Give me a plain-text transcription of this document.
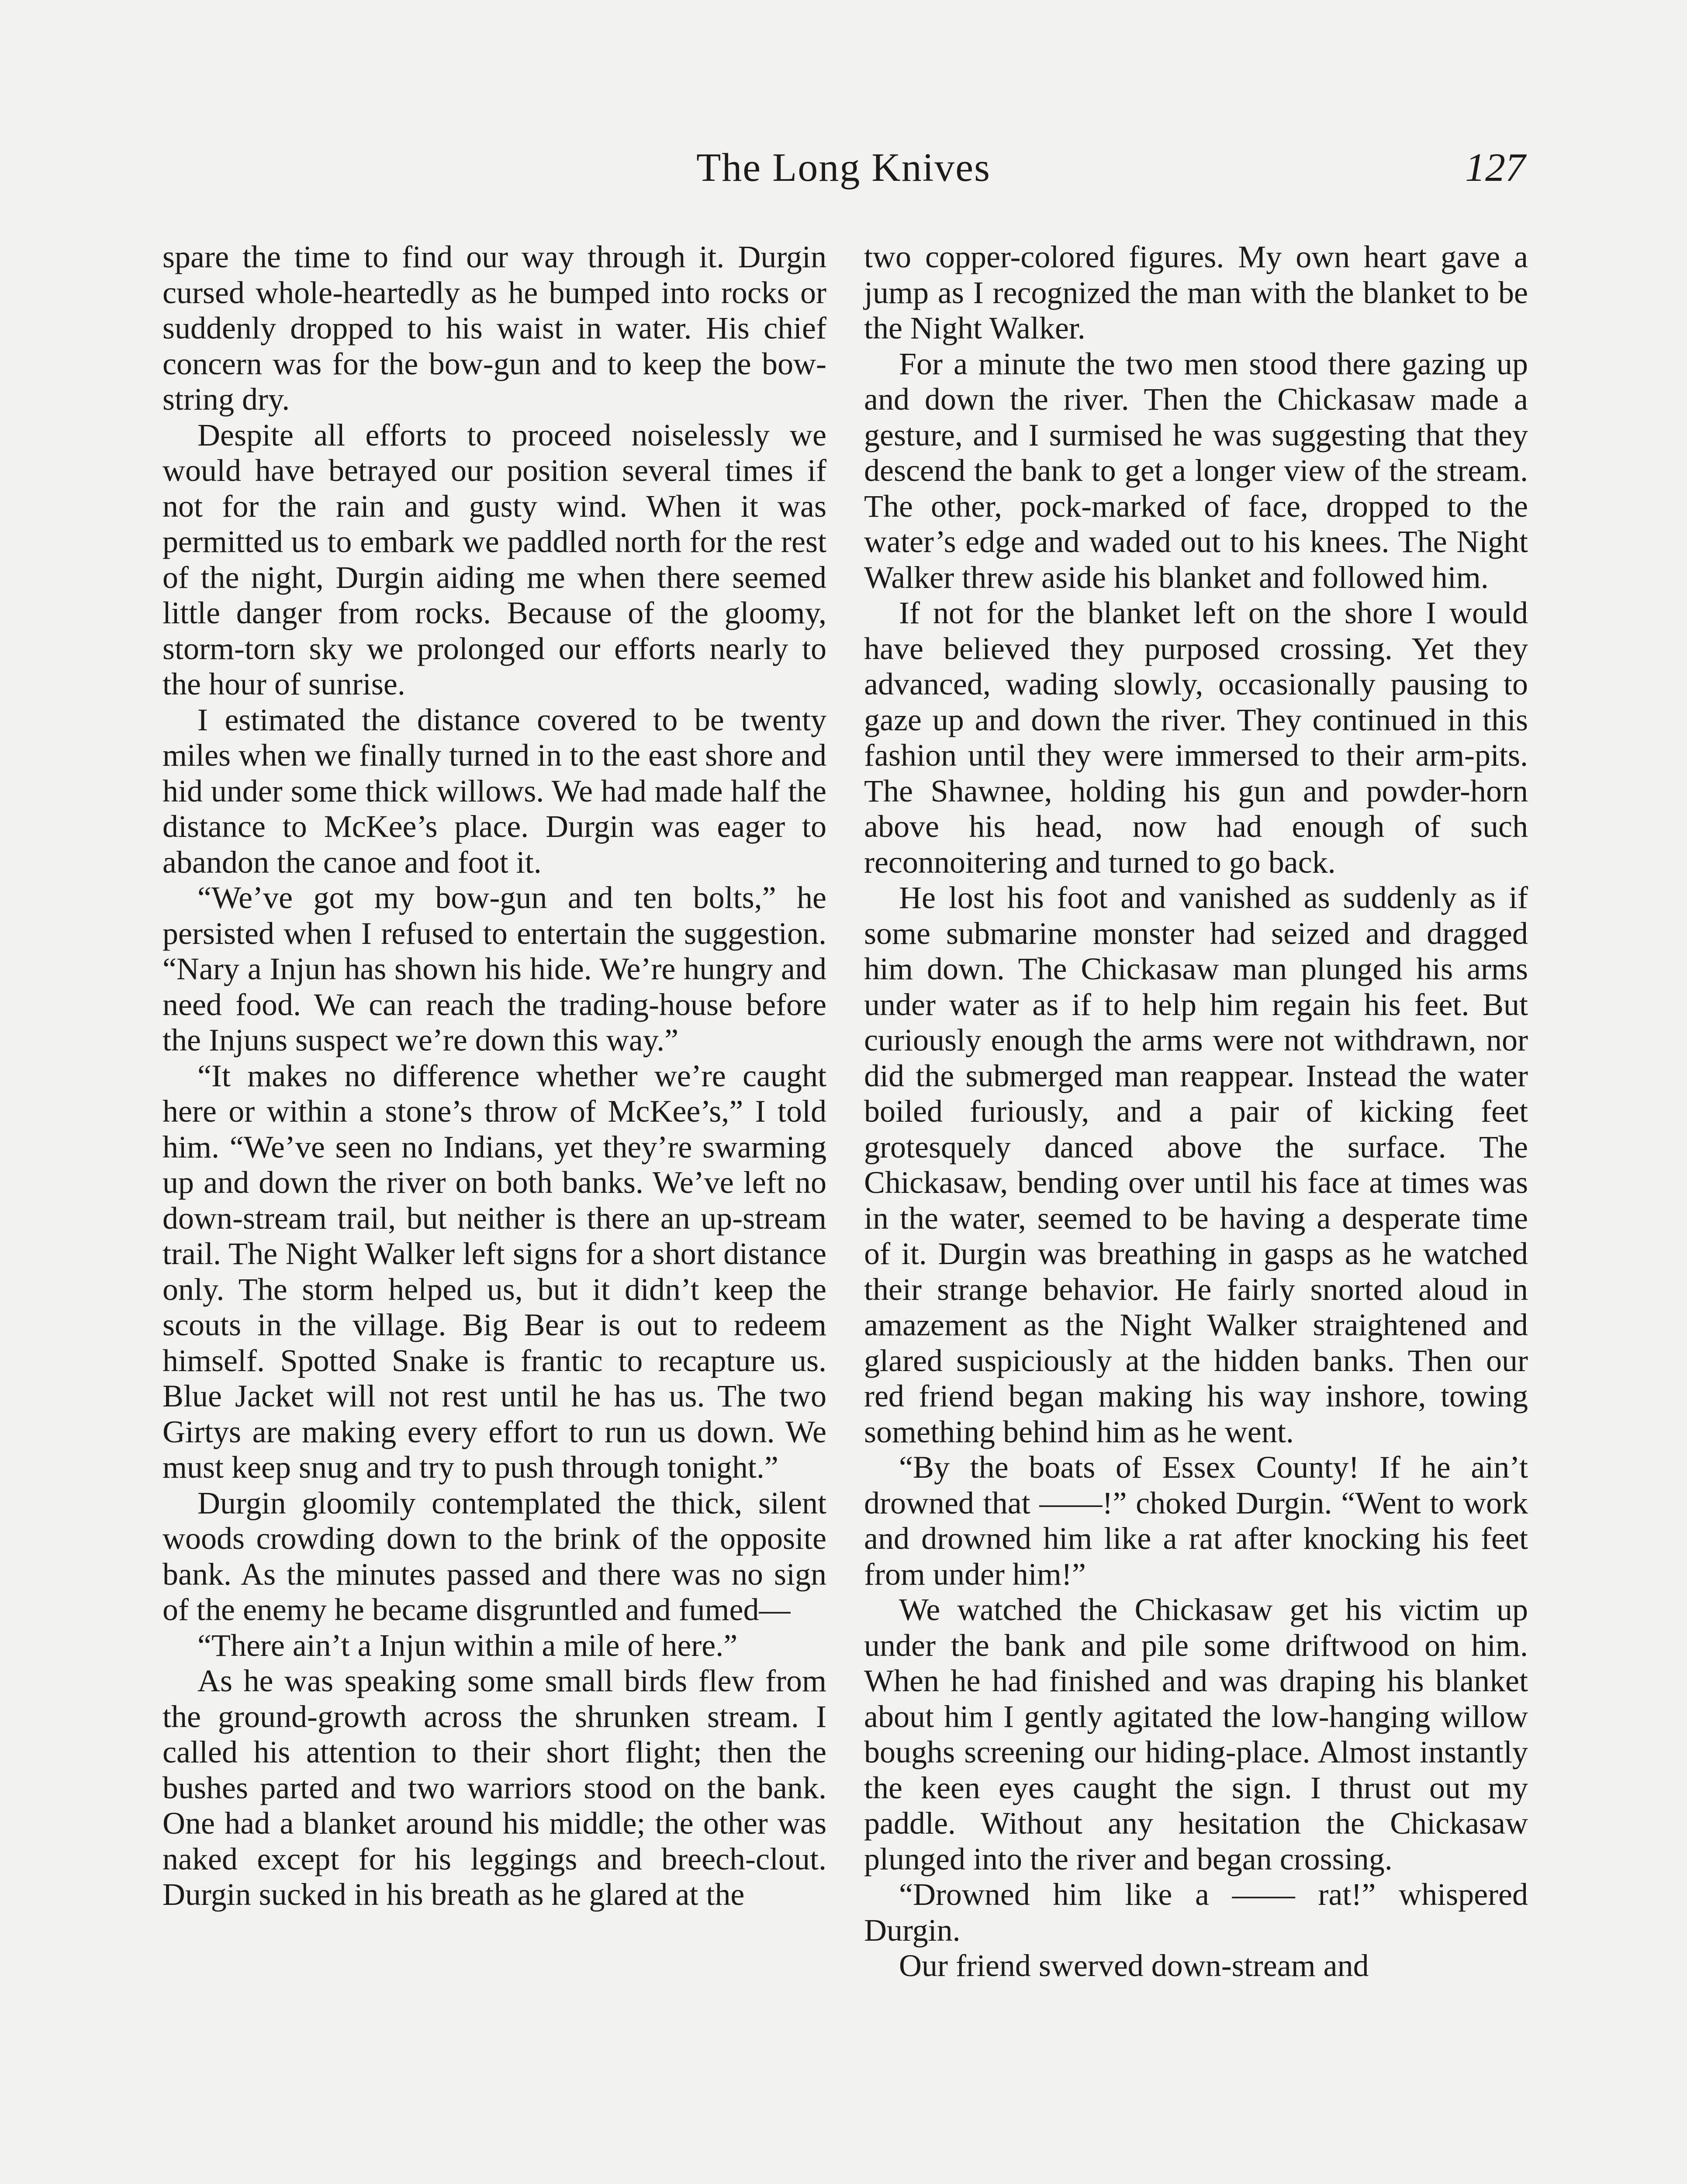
The Long Knives	127

spare the time to find our way through it. Durgin cursed whole-heartedly as he bumped into rocks or suddenly dropped to his waist in water. His chief concern was for the bow-gun and to keep the bow-string dry.

Despite all efforts to proceed noiselessly we would have betrayed our position several times if not for the rain and gusty wind. When it was permitted us to embark we paddled north for the rest of the night, Durgin aiding me when there seemed little danger from rocks. Because of the gloomy, storm-torn sky we prolonged our efforts nearly to the hour of sunrise.

I estimated the distance covered to be twenty miles when we finally turned in to the east shore and hid under some thick willows. We had made half the distance to McKee’s place. Durgin was eager to abandon the canoe and foot it.

“We’ve got my bow-gun and ten bolts,” he persisted when I refused to entertain the suggestion. “Nary a Injun has shown his hide. We’re hungry and need food. We can reach the trading-house before the Injuns suspect we’re down this way.”

“It makes no difference whether we’re caught here or within a stone’s throw of McKee’s,” I told him. “We’ve seen no Indians, yet they’re swarming up and down the river on both banks. We’ve left no down-stream trail, but neither is there an up-stream trail. The Night Walker left signs for a short distance only. The storm helped us, but it didn’t keep the scouts in the village. Big Bear is out to redeem himself. Spotted Snake is frantic to recapture us. Blue Jacket will not rest until he has us. The two Girtys are making every effort to run us down. We must keep snug and try to push through tonight.”

Durgin gloomily contemplated the thick, silent woods crowding down to the brink of the opposite bank. As the minutes passed and there was no sign of the enemy he became disgruntled and fumed—

“There ain’t a Injun within a mile of here.”

As he was speaking some small birds flew from the ground-growth across the shrunken stream. I called his attention to their short flight; then the bushes parted and two warriors stood on the bank. One had a blanket around his middle; the other was naked except for his leggings and breech-clout. Durgin sucked in his breath as he glared at the

two copper-colored figures. My own heart gave a jump as I recognized the man with the blanket to be the Night Walker.

For a minute the two men stood there gazing up and down the river. Then the Chickasaw made a gesture, and I surmised he was suggesting that they descend the bank to get a longer view of the stream. The other, pock-marked of face, dropped to the water’s edge and waded out to his knees. The Night Walker threw aside his blanket and followed him.

If not for the blanket left on the shore I would have believed they purposed crossing. Yet they advanced, wading slowly, occasionally pausing to gaze up and down the river. They continued in this fashion until they were immersed to their arm-pits. The Shawnee, holding his gun and powder-horn above his head, now had enough of such reconnoitering and turned to go back.

He lost his foot and vanished as suddenly as if some submarine monster had seized and dragged him down. The Chickasaw man plunged his arms under water as if to help him regain his feet. But curiously enough the arms were not withdrawn, nor did the submerged man reappear. Instead the water boiled furiously, and a pair of kicking feet grotesquely danced above the surface. The Chickasaw, bending over until his face at times was in the water, seemed to be having a desperate time of it. Durgin was breathing in gasps as he watched their strange behavior. He fairly snorted aloud in amazement as the Night Walker straightened and glared suspiciously at the hidden banks. Then our red friend began making his way inshore, towing something behind him as he went.

“By the boats of Essex County! If he ain’t drowned that ——!” choked Durgin. “Went to work and drowned him like a rat after knocking his feet from under him!”

We watched the Chickasaw get his victim up under the bank and pile some driftwood on him. When he had finished and was draping his blanket about him I gently agitated the low-hanging willow boughs screening our hiding-place. Almost instantly the keen eyes caught the sign. I thrust out my paddle. Without any hesitation the Chickasaw plunged into the river and began crossing.

“Drowned him like a —— rat!” whispered Durgin.

Our friend swerved down-stream and
